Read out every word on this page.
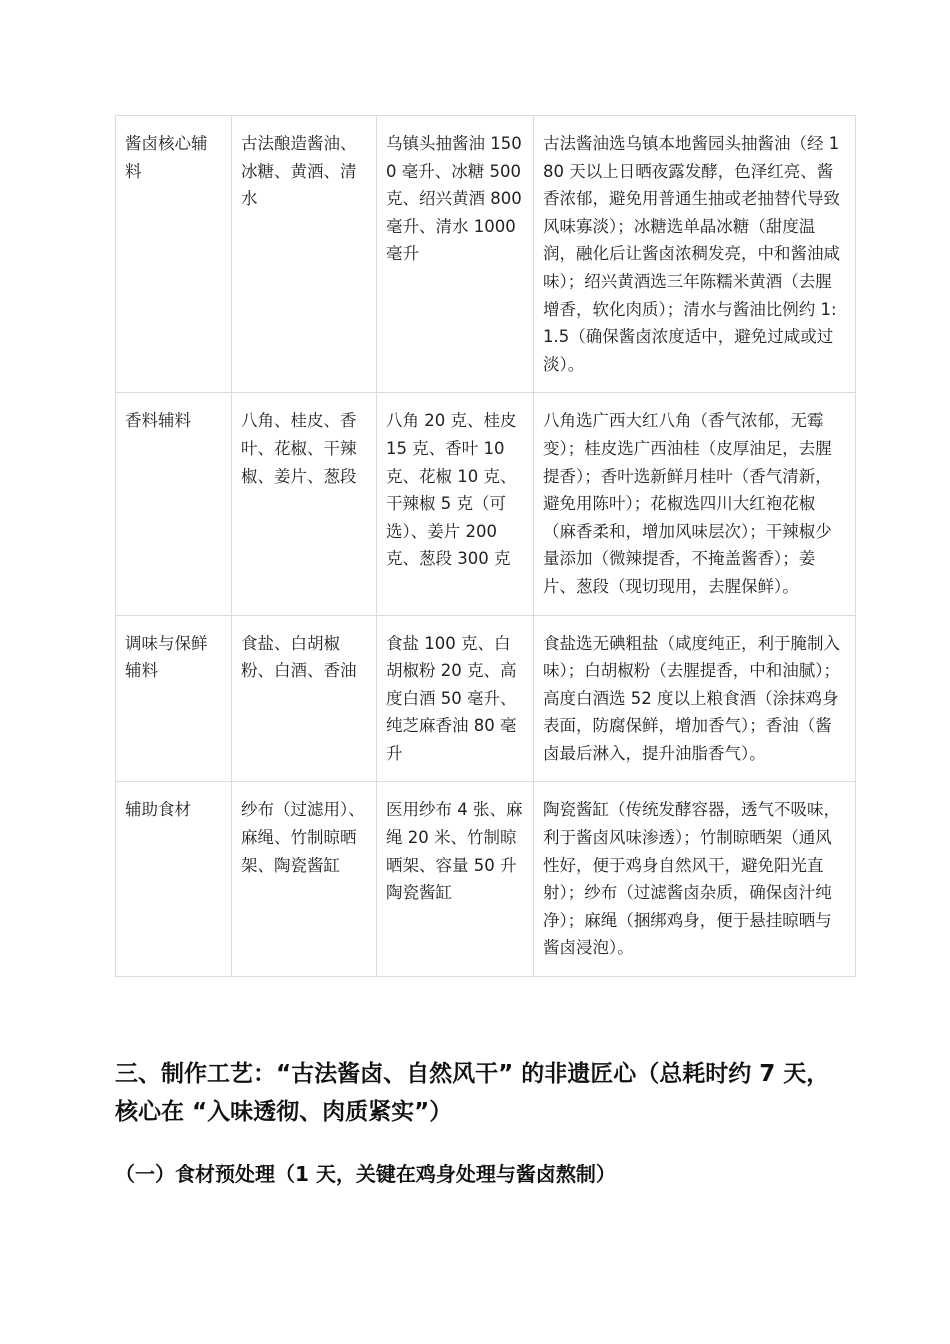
酱卤核心辅料	古法酿造酱油、冰糖、黄酒、清水	乌镇头抽酱油 1500 毫升、冰糖 500 克、绍兴黄酒 800 毫升、清水 1000 毫升	古法酱油选乌镇本地酱园头抽酱油（经 180 天以上日晒夜露发酵，色泽红亮、酱香浓郁，避免用普通生抽或老抽替代导致风味寡淡）；冰糖选单晶冰糖（甜度温润，融化后让酱卤浓稠发亮，中和酱油咸味）；绍兴黄酒选三年陈糯米黄酒（去腥增香，软化肉质）；清水与酱油比例约 1:1.5（确保酱卤浓度适中，避免过咸或过淡）。
香料辅料	八角、桂皮、香叶、花椒、干辣椒、姜片、葱段	八角 20 克、桂皮 15 克、香叶 10 克、花椒 10 克、干辣椒 5 克（可选）、姜片 200 克、葱段 300 克	八角选广西大红八角（香气浓郁，无霉变）；桂皮选广西油桂（皮厚油足，去腥提香）；香叶选新鲜月桂叶（香气清新，避免用陈叶）；花椒选四川大红袍花椒（麻香柔和，增加风味层次）；干辣椒少量添加（微辣提香，不掩盖酱香）；姜片、葱段（现切现用，去腥保鲜）。
调味与保鲜辅料	食盐、白胡椒粉、白酒、香油	食盐 100 克、白胡椒粉 20 克、高度白酒 50 毫升、纯芝麻香油 80 毫升	食盐选无碘粗盐（咸度纯正，利于腌制入味）；白胡椒粉（去腥提香，中和油腻）；高度白酒选 52 度以上粮食酒（涂抹鸡身表面，防腐保鲜，增加香气）；香油（酱卤最后淋入，提升油脂香气）。
辅助食材	纱布（过滤用）、麻绳、竹制晾晒架、陶瓷酱缸	医用纱布 4 张、麻绳 20 米、竹制晾晒架、容量 50 升陶瓷酱缸	陶瓷酱缸（传统发酵容器，透气不吸味，利于酱卤风味渗透）；竹制晾晒架（通风性好，便于鸡身自然风干，避免阳光直射）；纱布（过滤酱卤杂质，确保卤汁纯净）；麻绳（捆绑鸡身，便于悬挂晾晒与酱卤浸泡）。
三、制作工艺：“古法酱卤、自然风干” 的非遗匠心（总耗时约 7 天，核心在 “入味透彻、肉质紧实”）
（一）食材预处理（1 天，关键在鸡身处理与酱卤熬制）
